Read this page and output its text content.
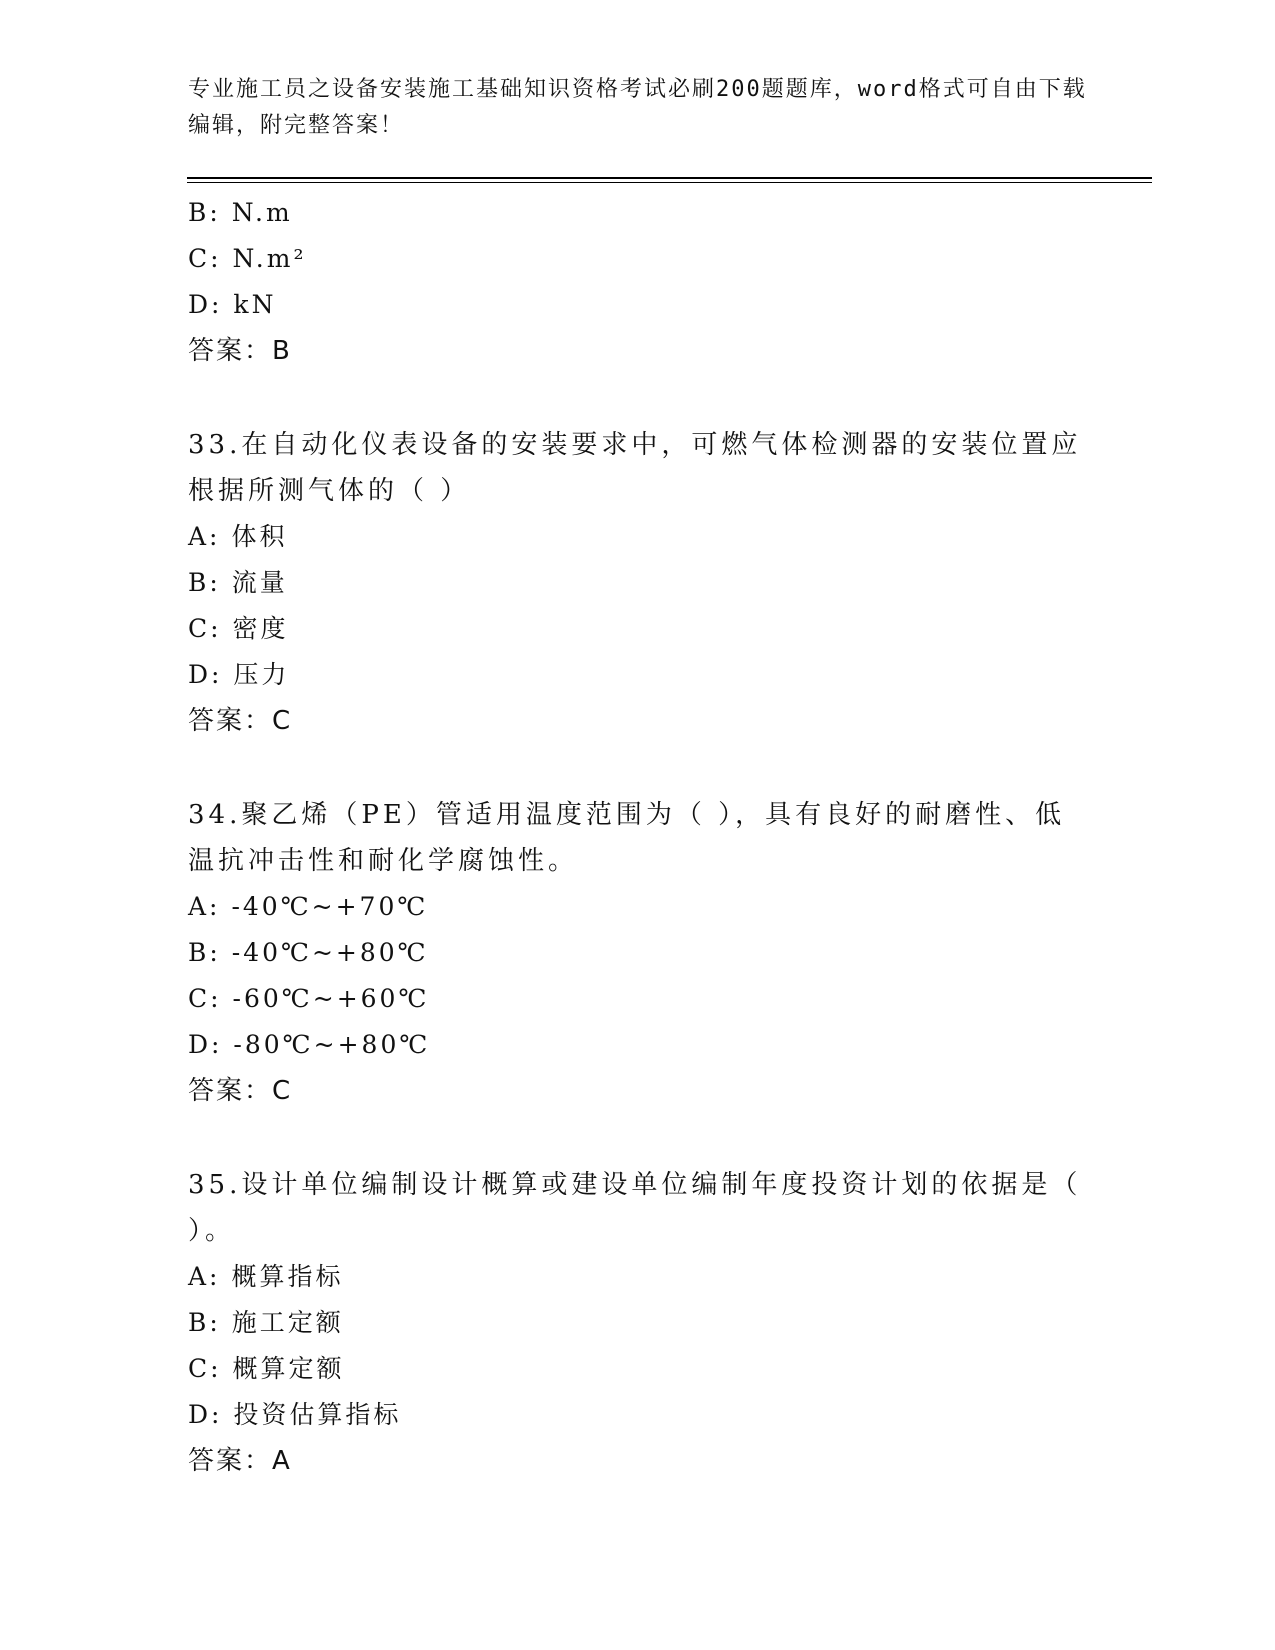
专业施工员之设备安装施工基础知识资格考试必刷200题题库，word格式可自由下载编辑，附完整答案！
B: N.m
C: N.m²
D: kN
答案：B
33.在自动化仪表设备的安装要求中，可燃气体检测器的安装位置应根据所测气体的（ ）
A: 体积
B: 流量
C: 密度
D: 压力
答案：C
34.聚乙烯（PE）管适用温度范围为（ ），具有良好的耐磨性、低温抗冲击性和耐化学腐蚀性。
A: -40℃~+70℃
B: -40℃~+80℃
C: -60℃~+60℃
D: -80℃~+80℃
答案：C
35.设计单位编制设计概算或建设单位编制年度投资计划的依据是（ ）。
A: 概算指标
B: 施工定额
C: 概算定额
D: 投资估算指标
答案：A
